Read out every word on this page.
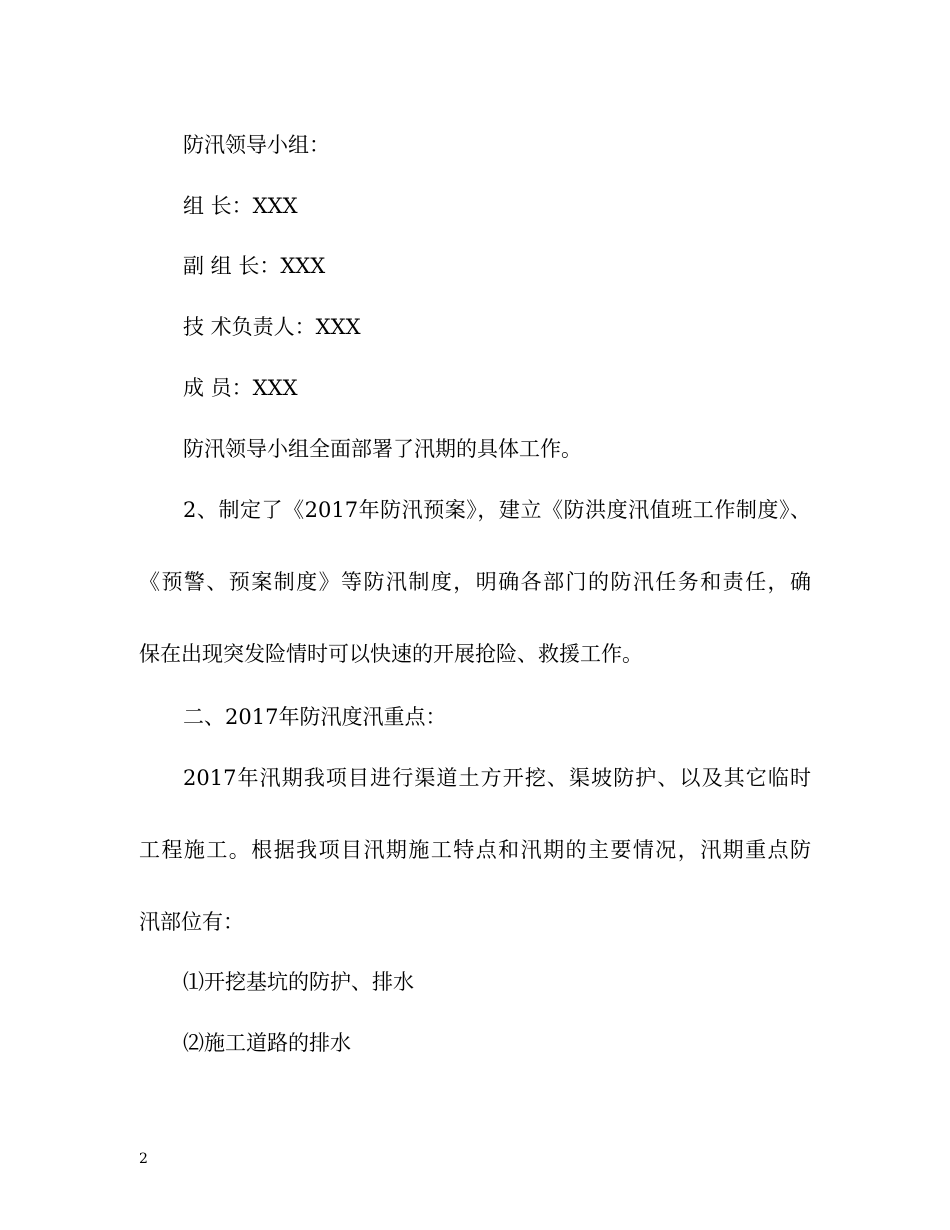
防汛领导小组：
组 长：XXX
副 组 长：XXX
技 术负责人：XXX
成 员：XXX
防汛领导小组全面部署了汛期的具体工作。
2、制定了《2017年防汛预案》，建立《防洪度汛值班工作制度》、
《预警、预案制度》等防汛制度，明确各部门的防汛任务和责任，确
保在出现突发险情时可以快速的开展抢险、救援工作。
二、2017年防汛度汛重点：
2017年汛期我项目进行渠道土方开挖、渠坡防护、以及其它临时
工程施工。根据我项目汛期施工特点和汛期的主要情况，汛期重点防
汛部位有：
⑴开挖基坑的防护、排水
⑵施工道路的排水
2
